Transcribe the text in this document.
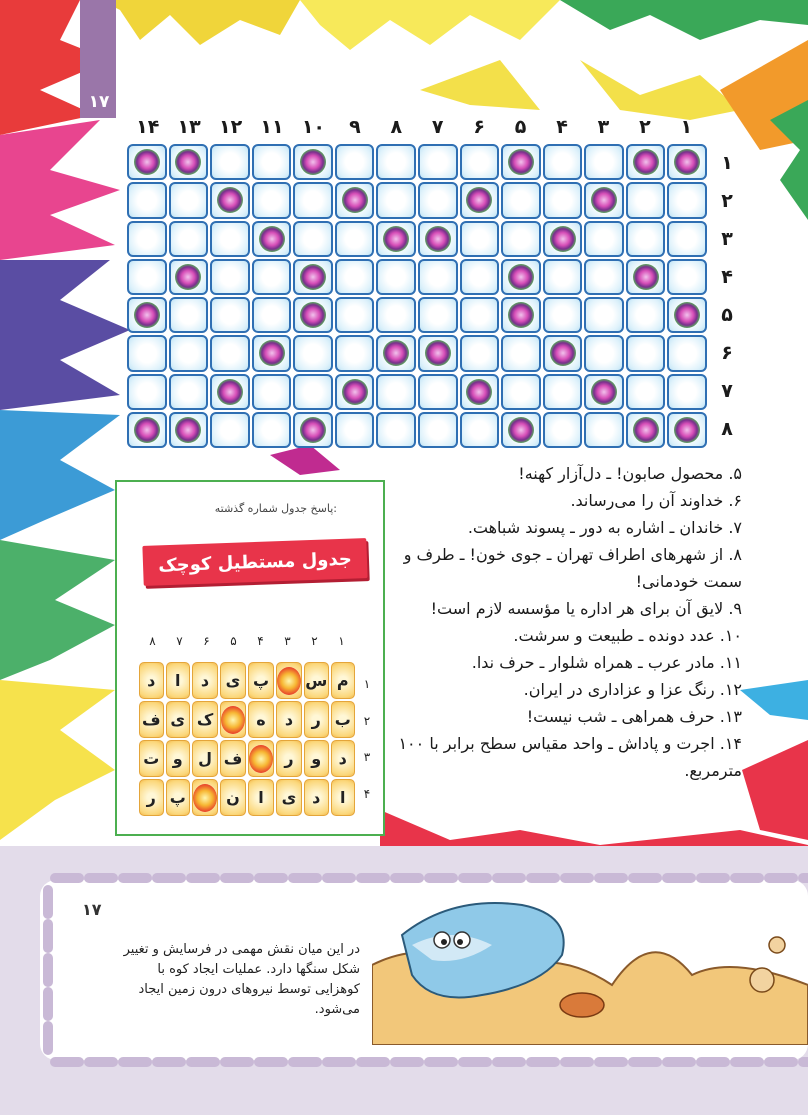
۱۷
۱
۲
۳
۴
۵
۶
۷
۸
۹
۱۰
۱۱
۱۲
۱۳
۱۴
۱
۲
۳
۴
۵
۶
۷
۸
پاسخ جدول شماره گذشته:
جدول مستطیل کوچک
۱
۲
۳
۴
۵
۶
۷
۸
۱
۲
۳
۴
م
س
پ
ی
د
ا
د
ب
ر
د
ه
ک
ی
ف
د
و
ر
ف
ل
و
ت
ا
د
ی
ا
ن
پ
ر
۵. محصول صابون! ـ دل‌آزار کهنه!
۶. خداوند آن را می‌رساند.
۷. خاندان ـ اشاره به دور ـ پسوند شباهت.
۸. از شهرهای اطراف تهران ـ جوی خون! ـ طرف و سمت خودمانی!
۹. لایق آن برای هر اداره یا مؤسسه لازم است!
۱۰. عدد دونده ـ طبیعت و سرشت.
۱۱. مادر عرب ـ همراه شلوار ـ حرف ندا.
۱۲. رنگ عزا و عزاداری در ایران.
۱۳. حرف همراهی ـ شب نیست!
۱۴. اجرت و پاداش ـ واحد مقیاس سطح برابر با ۱۰۰ مترمربع.
۱۷
در این میان نقش مهمی در فرسایش و تغییر شکل سنگها دارد. عملیات ایجاد کوه با کوهزایی توسط نیروهای درون زمین ایجاد می‌شود.
